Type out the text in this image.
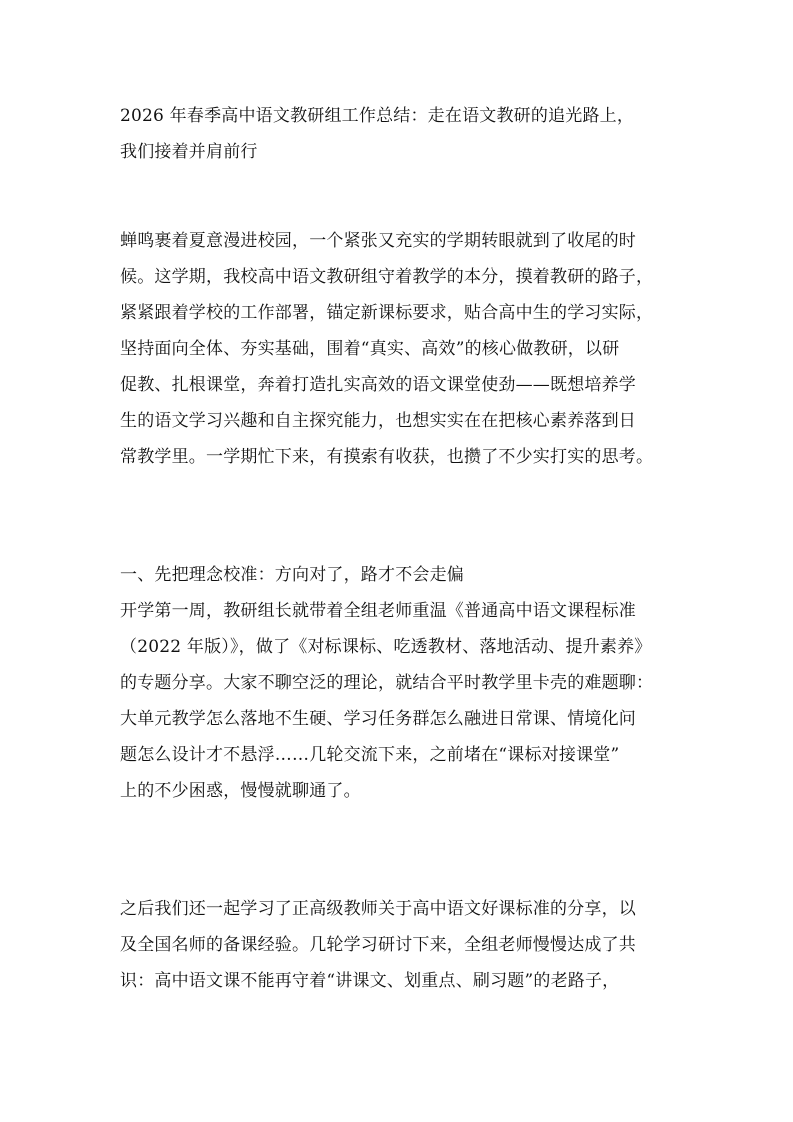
2026 年春季高中语文教研组工作总结：走在语文教研的追光路上，

我们接着并肩前行

蝉鸣裹着夏意漫进校园，一个紧张又充实的学期转眼就到了收尾的时

候。这学期，我校高中语文教研组守着教学的本分，摸着教研的路子，

紧紧跟着学校的工作部署，锚定新课标要求，贴合高中生的学习实际，

坚持面向全体、夯实基础，围着“真实、高效”的核心做教研，以研

促教、扎根课堂，奔着打造扎实高效的语文课堂使劲——既想培养学

生的语文学习兴趣和自主探究能力，也想实实在在把核心素养落到日

常教学里。一学期忙下来，有摸索有收获，也攒了不少实打实的思考。

一、先把理念校准：方向对了，路才不会走偏

开学第一周，教研组长就带着全组老师重温《普通高中语文课程标准

（2022 年版）》，做了《对标课标、吃透教材、落地活动、提升素养》

的专题分享。大家不聊空泛的理论，就结合平时教学里卡壳的难题聊：

大单元教学怎么落地不生硬、学习任务群怎么融进日常课、情境化问

题怎么设计才不悬浮……几轮交流下来，之前堵在“课标对接课堂”

上的不少困惑，慢慢就聊通了。

之后我们还一起学习了正高级教师关于高中语文好课标准的分享，以

及全国名师的备课经验。几轮学习研讨下来，全组老师慢慢达成了共

识：高中语文课不能再守着“讲课文、划重点、刷习题”的老路子，
